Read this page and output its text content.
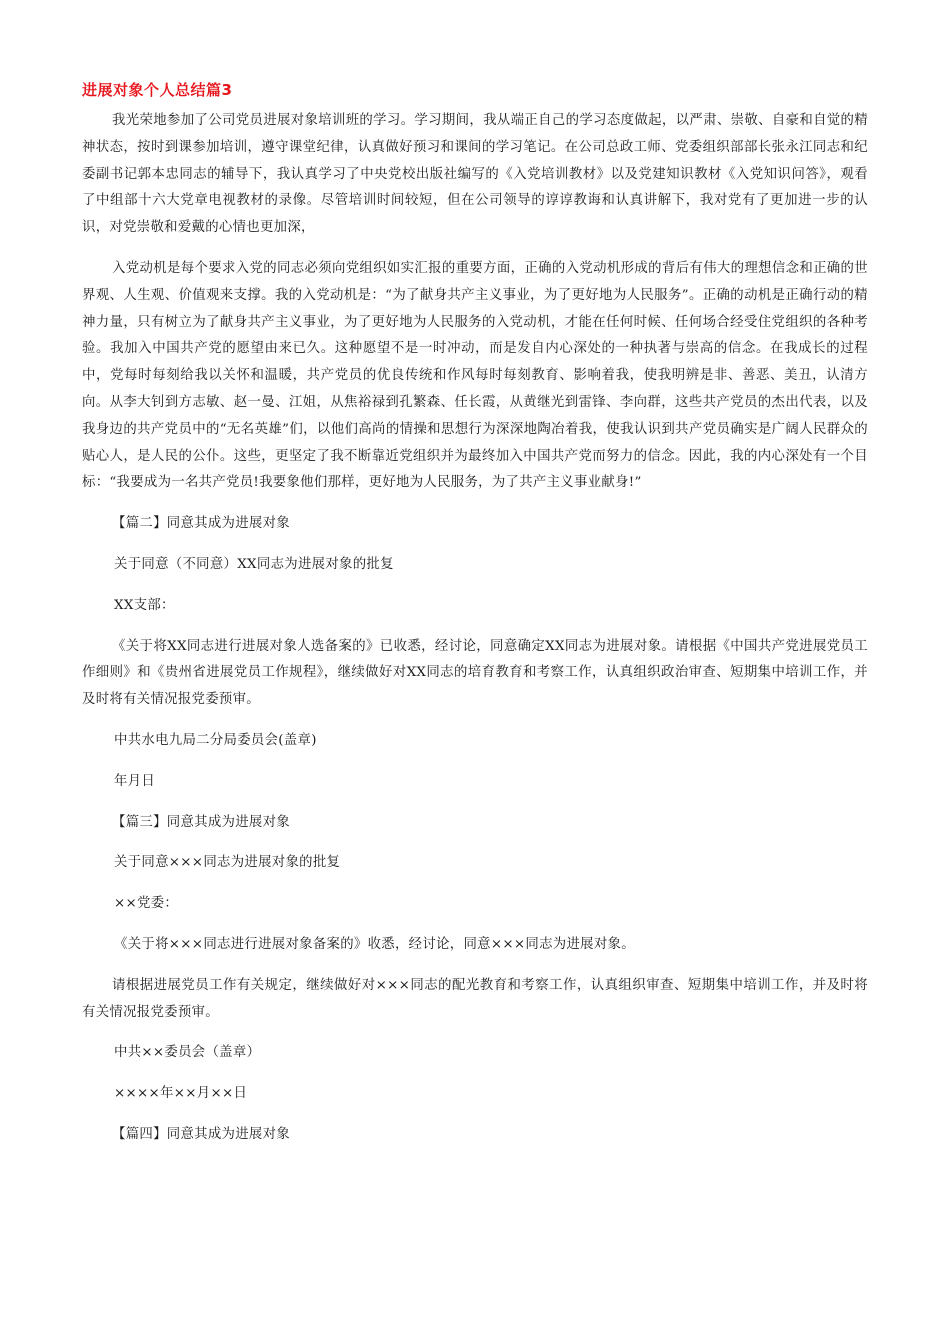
进展对象个人总结篇3

我光荣地参加了公司党员进展对象培训班的学习。学习期间，我从端正自己的学习态度做起，以严肃、崇敬、自豪和自觉的精神状态，按时到课参加培训，遵守课堂纪律，认真做好预习和课间的学习笔记。在公司总政工师、党委组织部部长张永江同志和纪委副书记郭本忠同志的辅导下，我认真学习了中央党校出版社编写的《入党培训教材》以及党建知识教材《入党知识问答》，观看了中组部十六大党章电视教材的录像。尽管培训时间较短，但在公司领导的谆谆教诲和认真讲解下，我对党有了更加进一步的认识，对党崇敬和爱戴的心情也更加深，

入党动机是每个要求入党的同志必须向党组织如实汇报的重要方面，正确的入党动机形成的背后有伟大的理想信念和正确的世界观、人生观、价值观来支撑。我的入党动机是：“为了献身共产主义事业，为了更好地为人民服务”。正确的动机是正确行动的精神力量，只有树立为了献身共产主义事业，为了更好地为人民服务的入党动机，才能在任何时候、任何场合经受住党组织的各种考验。我加入中国共产党的愿望由来已久。这种愿望不是一时冲动，而是发自内心深处的一种执著与崇高的信念。在我成长的过程中，党每时每刻给我以关怀和温暖，共产党员的优良传统和作风每时每刻教育、影响着我，使我明辨是非、善恶、美丑，认清方向。从李大钊到方志敏、赵一曼、江姐，从焦裕禄到孔繁森、任长霞，从黄继光到雷锋、李向群，这些共产党员的杰出代表，以及我身边的共产党员中的“无名英雄”们，以他们高尚的情操和思想行为深深地陶冶着我，使我认识到共产党员确实是广阔人民群众的贴心人，是人民的公仆。这些，更坚定了我不断靠近党组织并为最终加入中国共产党而努力的信念。因此，我的内心深处有一个目标：“我要成为一名共产党员!我要象他们那样，更好地为人民服务，为了共产主义事业献身!”

【篇二】同意其成为进展对象
关于同意（不同意）XX同志为进展对象的批复
XX支部：

《关于将XX同志进行进展对象人选备案的》已收悉，经讨论，同意确定XX同志为进展对象。请根据《中国共产党进展党员工作细则》和《贵州省进展党员工作规程》，继续做好对XX同志的培育教育和考察工作，认真组织政治审查、短期集中培训工作，并及时将有关情况报党委预审。

中共水电九局二分局委员会(盖章)
年月日
【篇三】同意其成为进展对象
关于同意×××同志为进展对象的批复
××党委：
《关于将×××同志进行进展对象备案的》收悉，经讨论，同意×××同志为进展对象。

请根据进展党员工作有关规定，继续做好对×××同志的配光教育和考察工作，认真组织审查、短期集中培训工作，并及时将有关情况报党委预审。

中共××委员会（盖章）
××××年××月××日
【篇四】同意其成为进展对象
